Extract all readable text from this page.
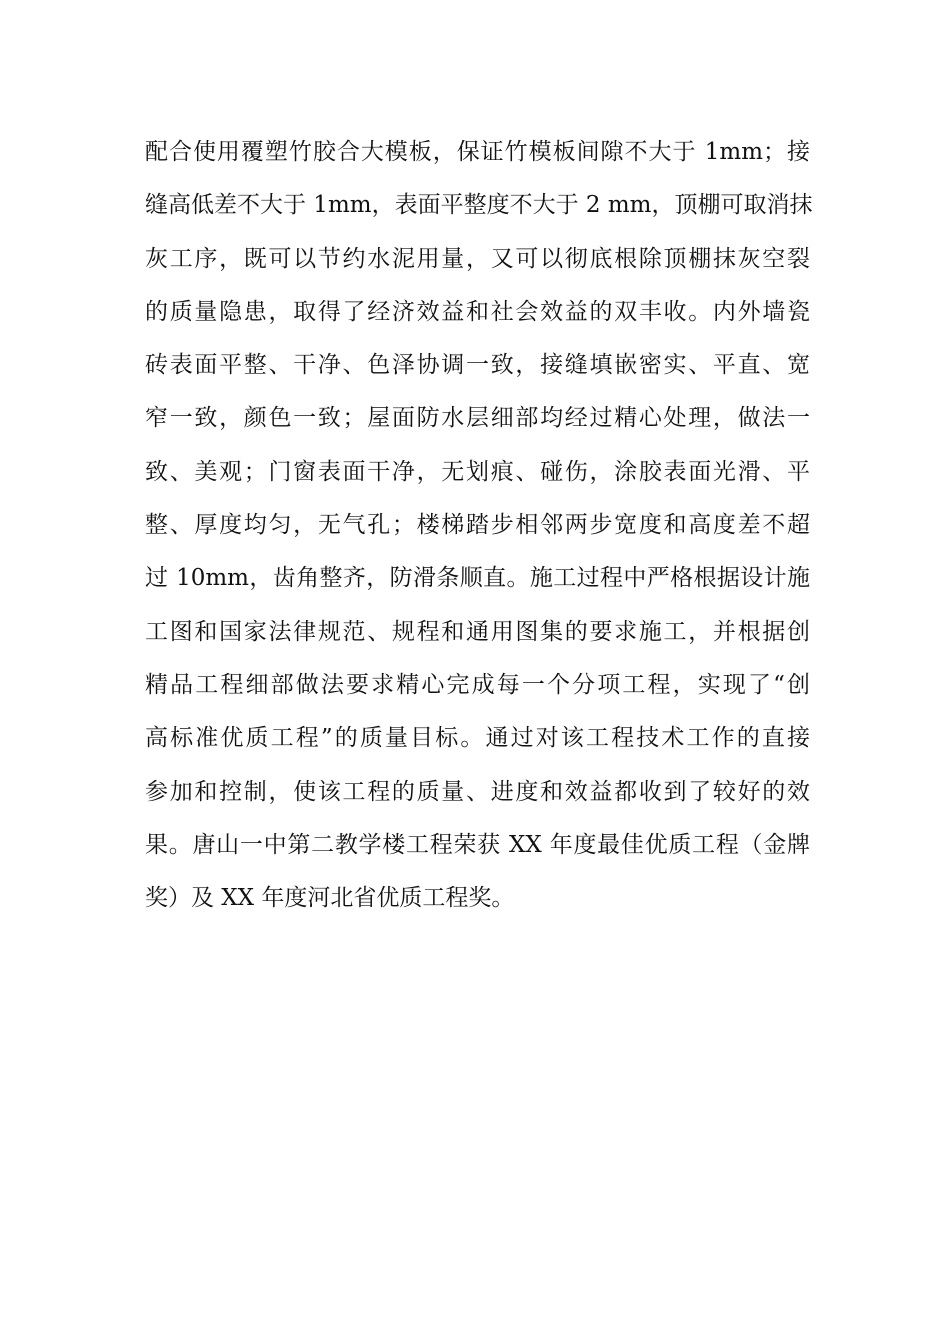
配合使用覆塑竹胶合大模板，保证竹模板间隙不大于 1mm；接
缝高低差不大于 1mm，表面平整度不大于 2 mm，顶棚可取消抹
灰工序，既可以节约水泥用量，又可以彻底根除顶棚抹灰空裂
的质量隐患，取得了经济效益和社会效益的双丰收。内外墙瓷
砖表面平整、干净、色泽协调一致，接缝填嵌密实、平直、宽
窄一致，颜色一致；屋面防水层细部均经过精心处理，做法一
致、美观；门窗表面干净，无划痕、碰伤，涂胶表面光滑、平
整、厚度均匀，无气孔；楼梯踏步相邻两步宽度和高度差不超
过 10mm，齿角整齐，防滑条顺直。施工过程中严格根据设计施
工图和国家法律规范、规程和通用图集的要求施工，并根据创
精品工程细部做法要求精心完成每一个分项工程，实现了“创
高标准优质工程”的质量目标。通过对该工程技术工作的直接
参加和控制，使该工程的质量、进度和效益都收到了较好的效
果。唐山一中第二教学楼工程荣获 XX 年度最佳优质工程（金牌
奖）及 XX 年度河北省优质工程奖。
